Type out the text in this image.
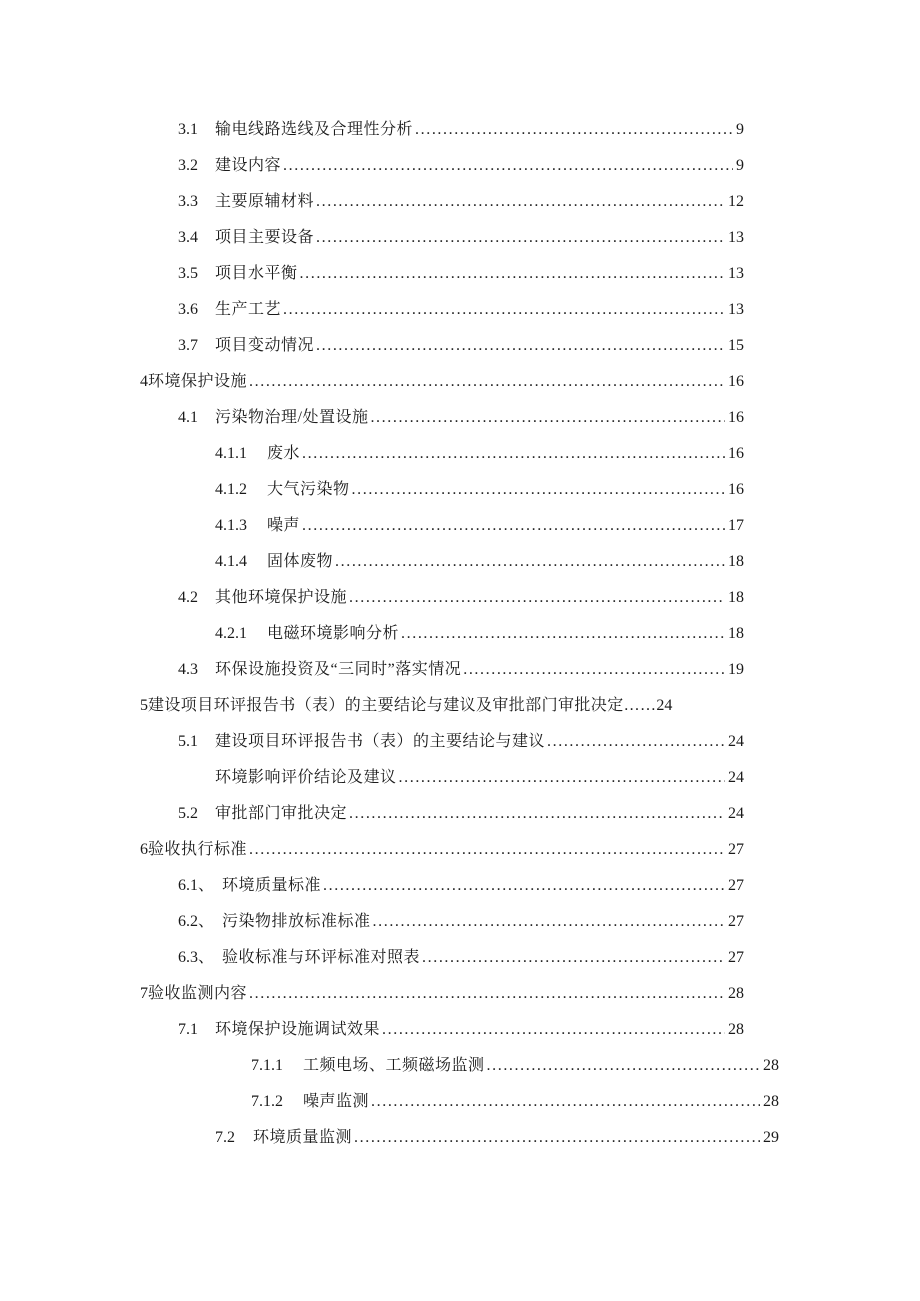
3.1	输电线路选线及合理性分析 . . .	9
3.2	建设内容 . . .	9
3.3	主要原辅材料 . . .	12
3.4	项目主要设备 . . .	13
3.5	项目水平衡 . . .	13
3.6	生产工艺 . . .	13
3.7	项目变动情况 . . .	15
4 环境保护设施 . . .	16
4.1	污染物治理/处置设施 . . .	16
4.1.1	废水 . . .	16
4.1.2	大气污染物 . . .	16
4.1.3	噪声 . . .	17
4.1.4	固体废物 . . .	18
4.2	其他环境保护设施 . . .	18
4.2.1	电磁环境影响分析 . . .	18
4.3	环保设施投资及“三同时”落实情况 . . .	19
5 建设项目环评报告书（表）的主要结论与建议及审批部门审批决定…… 24
5.1	建设项目环评报告书（表）的主要结论与建议 . . .	24
环境影响评价结论及建议 . . .	24
5.2	审批部门审批决定 . . .	24
6 验收执行标准 . . .	27
6.1、 环境质量标准 . . .	27
6.2、 污染物排放标准标准 . . .	27
6.3、 验收标准与环评标准对照表 . . .	27
7 验收监测内容 . . .	28
7.1	环境保护设施调试效果 . . .	28
7.1.1	工频电场、工频磁场监测 . . .	28
7.1.2	噪声监测 . . .	28
7.2	环境质量监测 . . .	29
